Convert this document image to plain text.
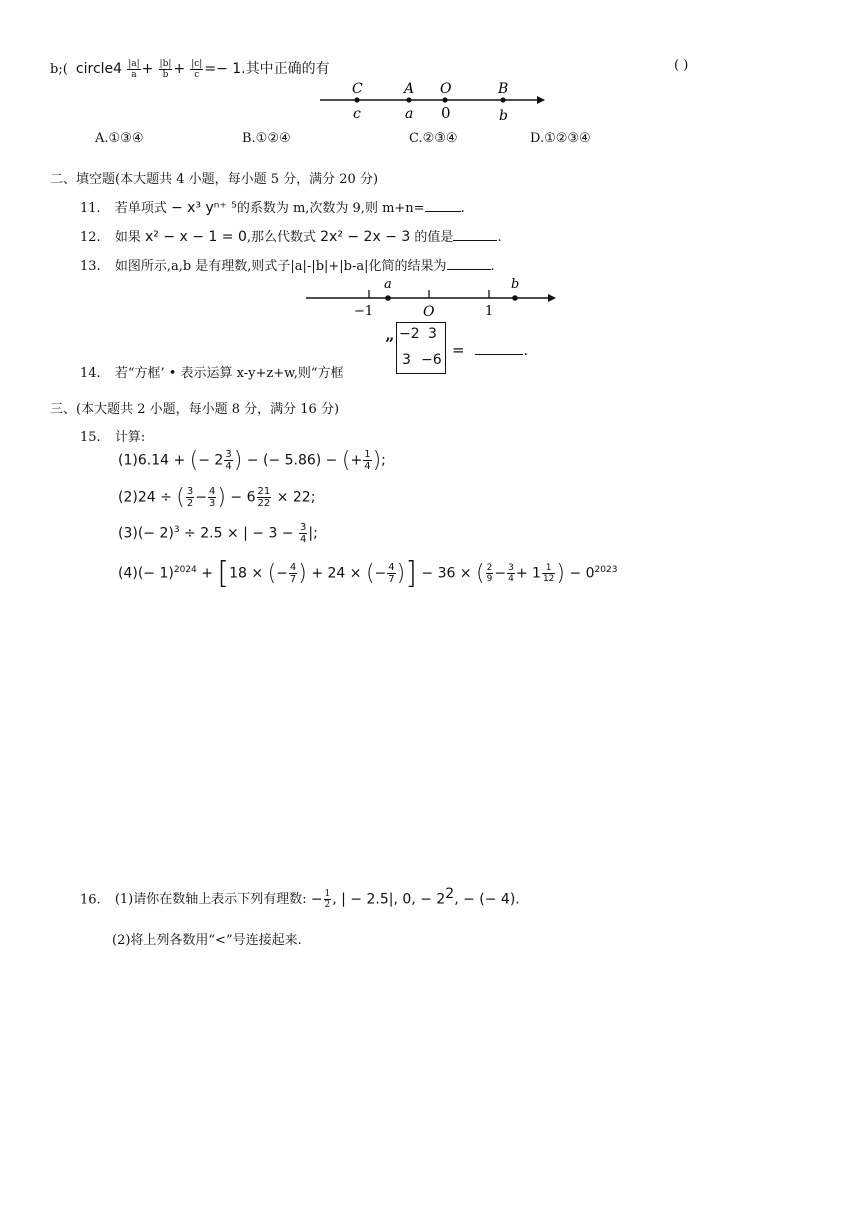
b;( circle4 $\frac{|a|}{a} + \frac{|b|}{b} + \frac{|c|}{c} =- 1$.其中正确的有	( )
C	A O	B
c	a 0	b
A.①③④	B.①②④	C.②③④	D.①②③④
二、填空题(本大题共 4 小题，每小题 5 分，满分 20 分)
11. 若单项式 − x³ yⁿ⁺ ⁵的系数为 m,次数为 9,则 m+n=	.
12. 如果 x² − x − 1 = 0,那么代数式 2x² − 2x − 3 的值是	.
13. 如图所示,a,b 是有理数,则式子|a|-|b|+|b-a|化简的结果为	.
a	b
−1	O	1
14. 若“方框’ • 表示运算 x-y+z+w,则“方框
” −2 3
3 −6
=	.
三、(本大题共 2 小题，每小题 8 分，满分 16 分)
15. 计算:
(1)6.14 + (− $2 \frac{3}{4}$ ) − (− 5.86) − (+ $\frac{1}{4}$ );
(2)24 ÷ ( $\frac{3}{2} - \frac{4}{3}$ ) − $6 \frac{21}{22} \times 22$;
$(3)(- 2)^3 \div 2.5$ × | − $3 - \frac{3}{4}$ |;
$(4)(- 1)^{2024} + [18$ × (− $\frac{4}{7}$ ) + 24 × (− $\frac{4}{7}$ )] − 36 × ( $\frac{2}{9} - \frac{3}{4} + 1 \frac{1}{12}$ ) − $0^{2023}$
16. (1)请你在数轴上表示下列有理数: − $\frac{1}{2}$ , | − 2.5|, 0, − $2^2$, − (− 4).
(2)将上列各数用“<”号连接起来.
